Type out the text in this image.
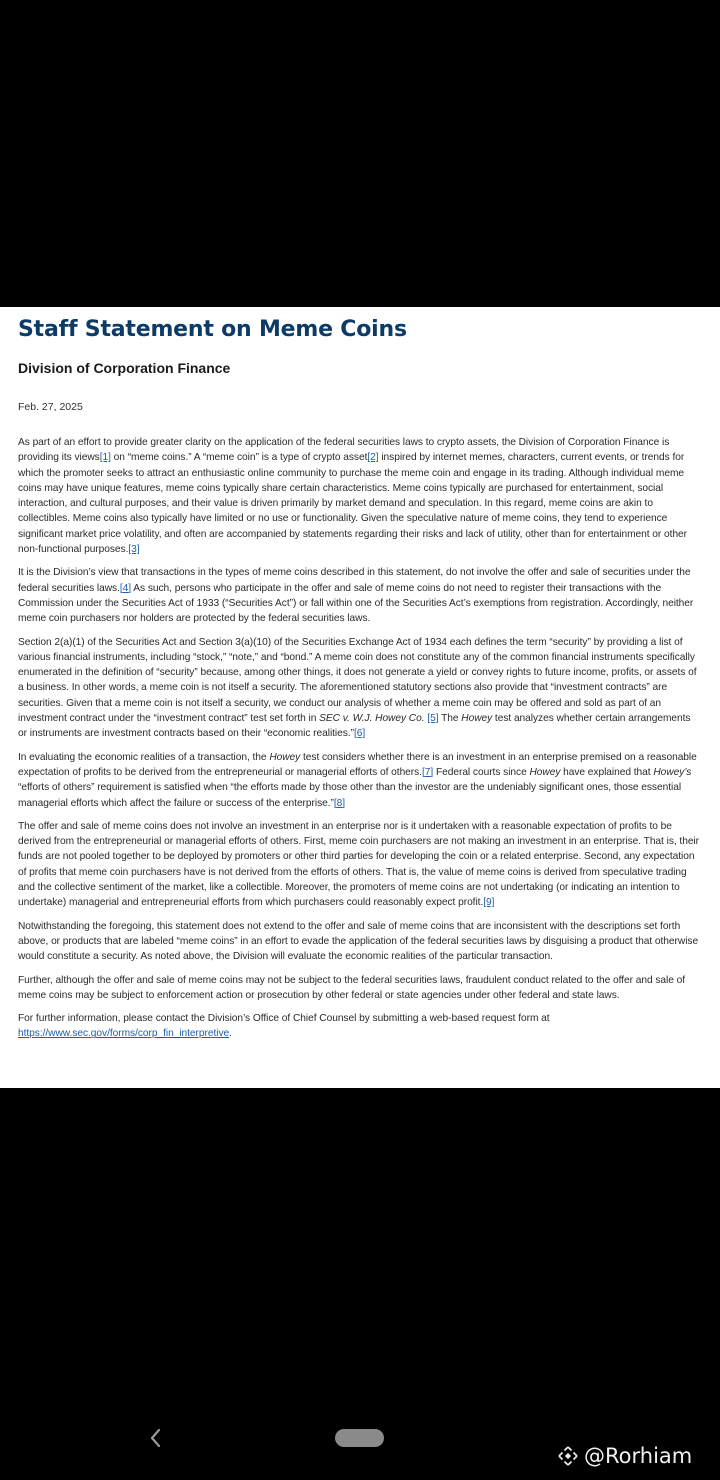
Staff Statement on Meme Coins
Division of Corporation Finance
Feb. 27, 2025

As part of an effort to provide greater clarity on the application of the federal securities laws to crypto assets, the Division of Corporation Finance is providing its views[1] on “meme coins.” A “meme coin” is a type of crypto asset[2] inspired by internet memes, characters, current events, or trends for which the promoter seeks to attract an enthusiastic online community to purchase the meme coin and engage in its trading. Although individual meme coins may have unique features, meme coins typically share certain characteristics. Meme coins typically are purchased for entertainment, social interaction, and cultural purposes, and their value is driven primarily by market demand and speculation. In this regard, meme coins are akin to collectibles. Meme coins also typically have limited or no use or functionality. Given the speculative nature of meme coins, they tend to experience significant market price volatility, and often are accompanied by statements regarding their risks and lack of utility, other than for entertainment or other non-functional purposes.[3]

It is the Division’s view that transactions in the types of meme coins described in this statement, do not involve the offer and sale of securities under the federal securities laws.[4] As such, persons who participate in the offer and sale of meme coins do not need to register their transactions with the Commission under the Securities Act of 1933 (“Securities Act”) or fall within one of the Securities Act’s exemptions from registration. Accordingly, neither meme coin purchasers nor holders are protected by the federal securities laws.

Section 2(a)(1) of the Securities Act and Section 3(a)(10) of the Securities Exchange Act of 1934 each defines the term “security” by providing a list of various financial instruments, including “stock,” “note,” and “bond.” A meme coin does not constitute any of the common financial instruments specifically enumerated in the definition of “security” because, among other things, it does not generate a yield or convey rights to future income, profits, or assets of a business. In other words, a meme coin is not itself a security. The aforementioned statutory sections also provide that “investment contracts” are securities. Given that a meme coin is not itself a security, we conduct our analysis of whether a meme coin may be offered and sold as part of an investment contract under the “investment contract” test set forth in SEC v. W.J. Howey Co. [5] The Howey test analyzes whether certain arrangements or instruments are investment contracts based on their “economic realities.”[6]

In evaluating the economic realities of a transaction, the Howey test considers whether there is an investment in an enterprise premised on a reasonable expectation of profits to be derived from the entrepreneurial or managerial efforts of others.[7] Federal courts since Howey have explained that Howey’s “efforts of others” requirement is satisfied when “the efforts made by those other than the investor are the undeniably significant ones, those essential managerial efforts which affect the failure or success of the enterprise.”[8]

The offer and sale of meme coins does not involve an investment in an enterprise nor is it undertaken with a reasonable expectation of profits to be derived from the entrepreneurial or managerial efforts of others. First, meme coin purchasers are not making an investment in an enterprise. That is, their funds are not pooled together to be deployed by promoters or other third parties for developing the coin or a related enterprise. Second, any expectation of profits that meme coin purchasers have is not derived from the efforts of others. That is, the value of meme coins is derived from speculative trading and the collective sentiment of the market, like a collectible. Moreover, the promoters of meme coins are not undertaking (or indicating an intention to undertake) managerial and entrepreneurial efforts from which purchasers could reasonably expect profit.[9]

Notwithstanding the foregoing, this statement does not extend to the offer and sale of meme coins that are inconsistent with the descriptions set forth above, or products that are labeled “meme coins” in an effort to evade the application of the federal securities laws by disguising a product that otherwise would constitute a security. As noted above, the Division will evaluate the economic realities of the particular transaction.

Further, although the offer and sale of meme coins may not be subject to the federal securities laws, fraudulent conduct related to the offer and sale of meme coins may be subject to enforcement action or prosecution by other federal or state agencies under other federal and state laws.

For further information, please contact the Division’s Office of Chief Counsel by submitting a web-based request form at https://www.sec.gov/forms/corp_fin_interpretive.

@Rorhiam
